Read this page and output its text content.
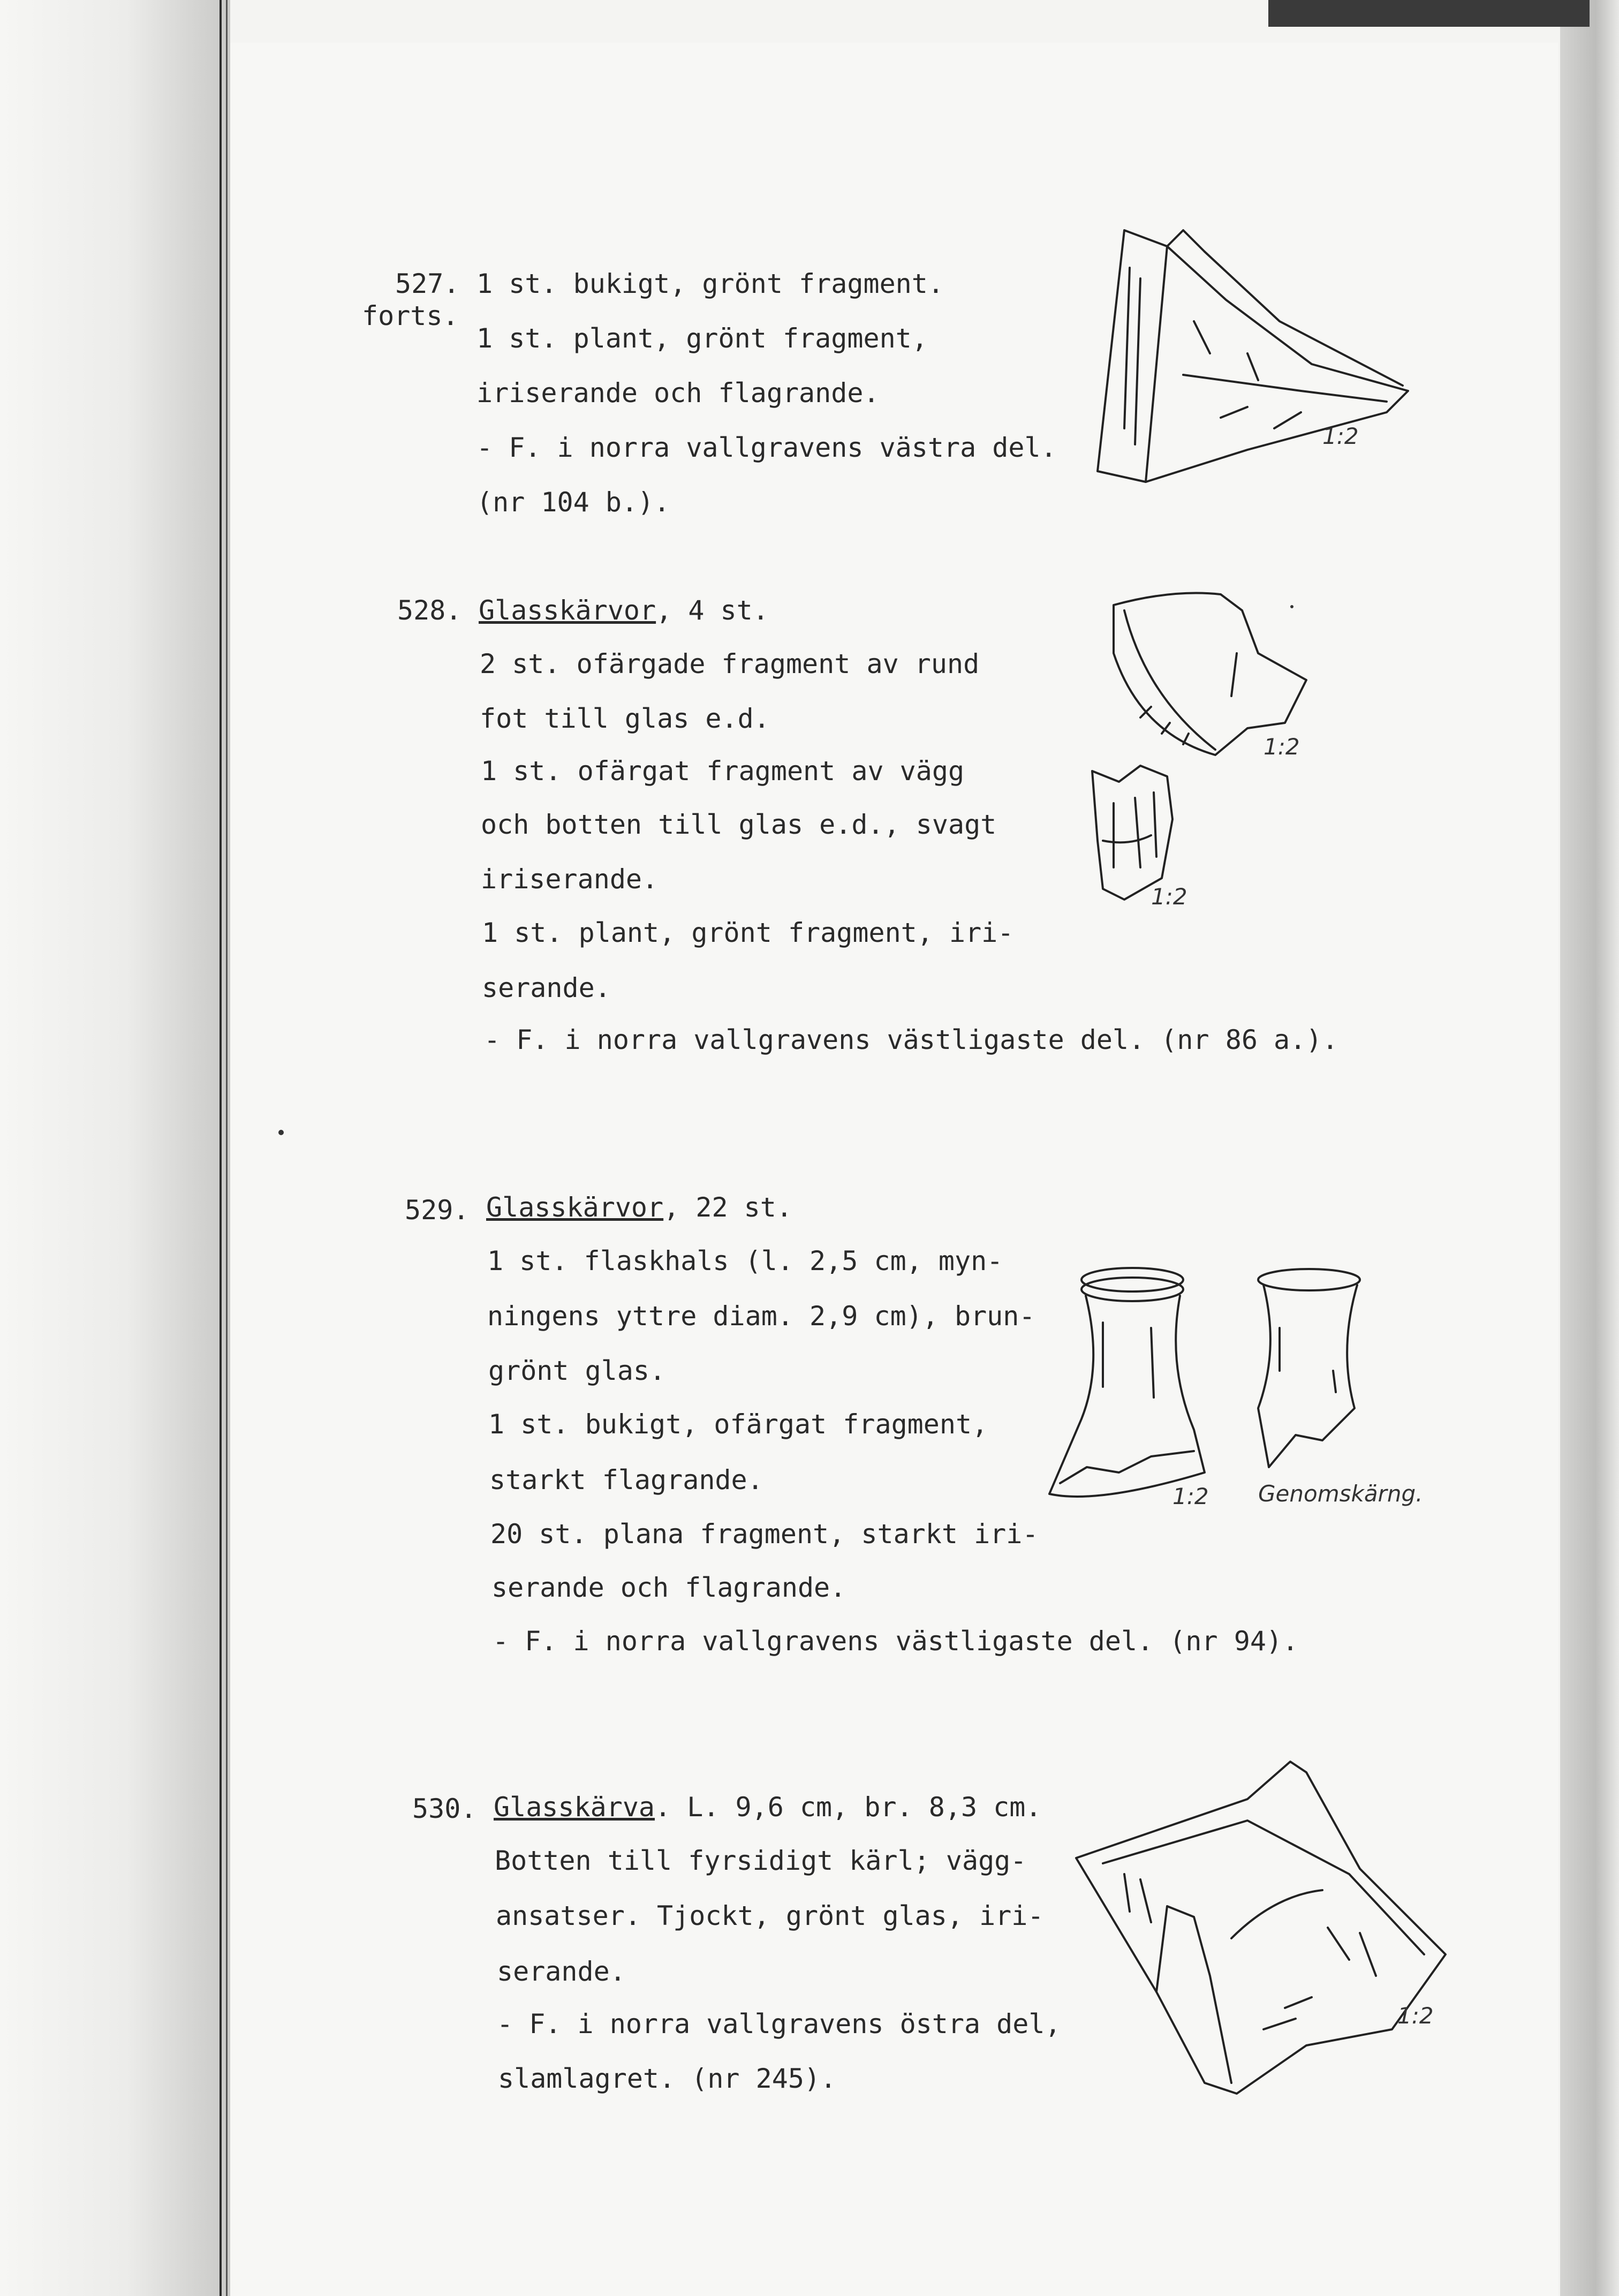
527.
forts.
1 st. bukigt, grönt fragment.
1 st. plant, grönt fragment,
iriserande och flagrande.
- F. i norra vallgravens västra del.
(nr 104 b.).
1:2
528. Glasskärvor, 4 st.
2 st. ofärgade fragment av rund
fot till glas e.d.
1 st. ofärgat fragment av vägg
och botten till glas e.d., svagt
iriserande.
1 st. plant, grönt fragment, iri-
serande.
- F. i norra vallgravens västligaste del. (nr 86 a.).
1:2
1:2
529. Glasskärvor, 22 st.
1 st. flaskhals (l. 2,5 cm, myn-
ningens yttre diam. 2,9 cm), brun-
grönt glas.
1 st. bukigt, ofärgat fragment,
starkt flagrande.
20 st. plana fragment, starkt iri-
serande och flagrande.
- F. i norra vallgravens västligaste del. (nr 94).
1:2 Genomskärng.
530. Glasskärva. L. 9,6 cm, br. 8,3 cm.
Botten till fyrsidigt kärl; vägg-
ansatser. Tjockt, grönt glas, iri-
serande.
- F. i norra vallgravens östra del,
slamlagret. (nr 245).
1:2
